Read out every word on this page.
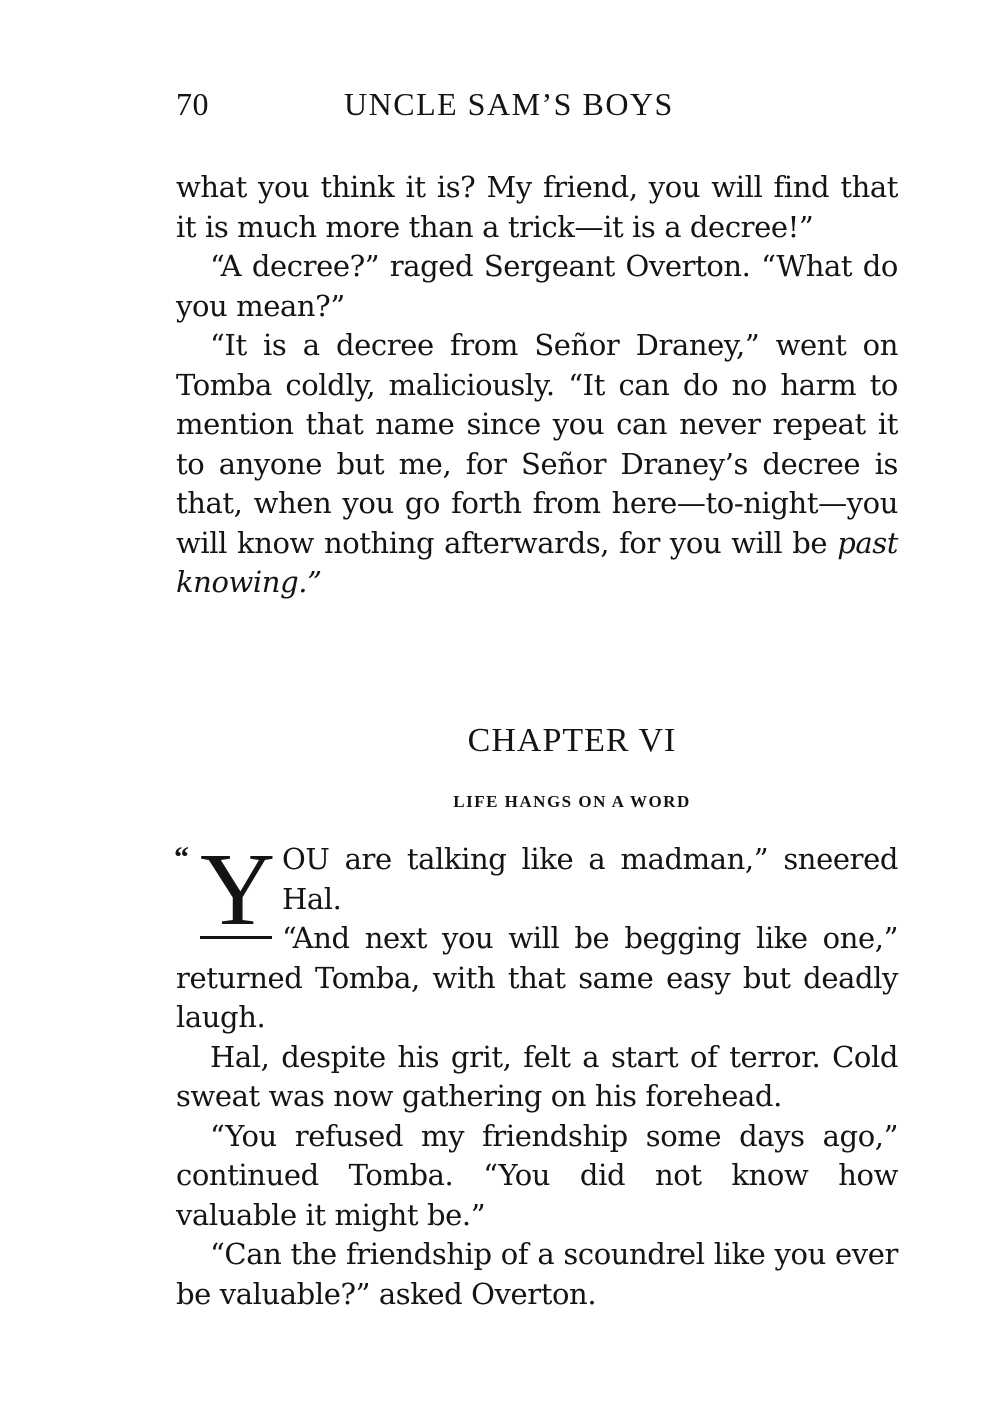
70	UNCLE SAM’S BOYS

what you think it is? My friend, you will find that it is much more than a trick—it is a decree!”

“A decree?” raged Sergeant Overton. “What do you mean?”

“It is a decree from Señor Draney,” went on Tomba coldly, maliciously. “It can do no harm to mention that name since you can never repeat it to anyone but me, for Señor Draney’s decree is that, when you go forth from here—to-night—you will know nothing afterwards, for you will be past knowing.”

CHAPTER VI
LIFE HANGS ON A WORD
“ Y OU are talking like a madman,” sneered Hal.

“And next you will be begging like one,” returned Tomba, with that same easy but deadly laugh.

Hal, despite his grit, felt a start of terror. Cold sweat was now gathering on his forehead.

“You refused my friendship some days ago,” continued Tomba. “You did not know how valuable it might be.”

“Can the friendship of a scoundrel like you ever be valuable?” asked Overton.
